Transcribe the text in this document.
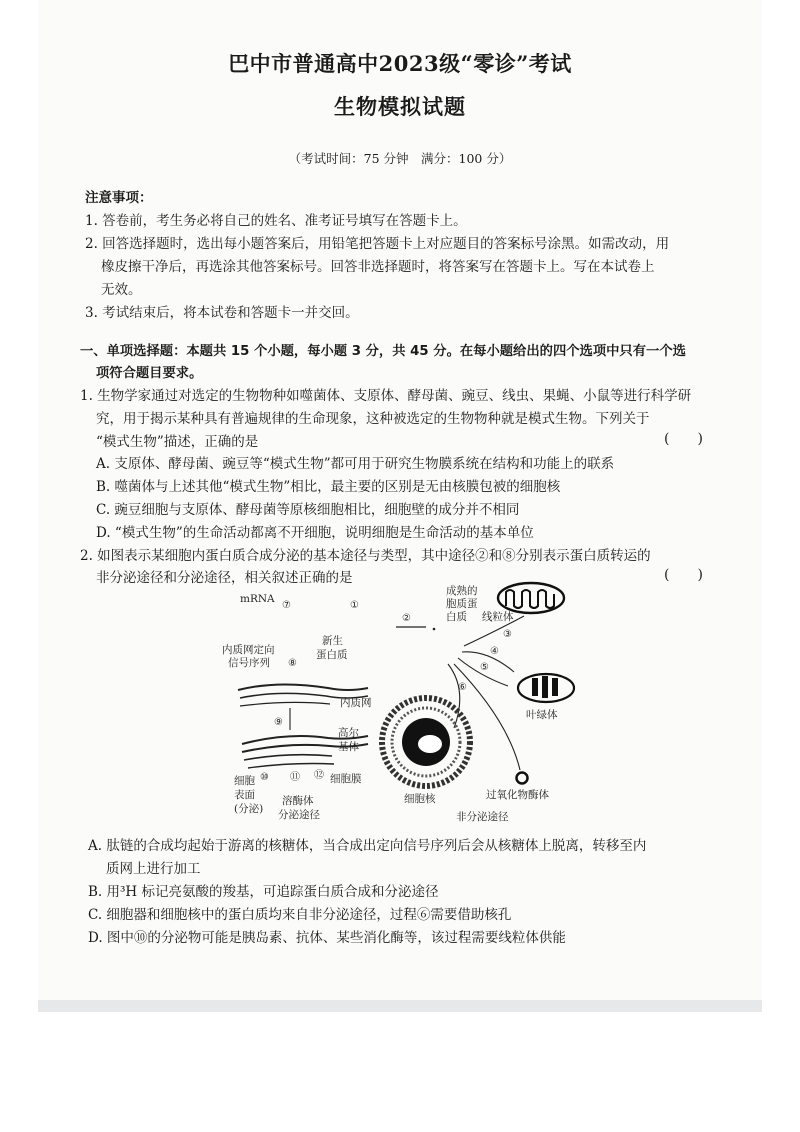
巴中市普通高中2023级“零诊”考试
生物模拟试题
（考试时间：75 分钟　满分：100 分）
注意事项：
1. 答卷前，考生务必将自己的姓名、准考证号填写在答题卡上。
2. 回答选择题时，选出每小题答案后，用铅笔把答题卡上对应题目的答案标号涂黑。如需改动，用
橡皮擦干净后，再选涂其他答案标号。回答非选择题时，将答案写在答题卡上。写在本试卷上
无效。
3. 考试结束后，将本试卷和答题卡一并交回。
一、单项选择题：本题共 15 个小题，每小题 3 分，共 45 分。在每小题给出的四个选项中只有一个选
项符合题目要求。
1. 生物学家通过对选定的生物物种如噬菌体、支原体、酵母菌、豌豆、线虫、果蝇、小鼠等进行科学研
究，用于揭示某种具有普遍规律的生命现象，这种被选定的生物物种就是模式生物。下列关于
“模式生物”描述，正确的是	(　　)
A. 支原体、酵母菌、豌豆等“模式生物”都可用于研究生物膜系统在结构和功能上的联系
B. 噬菌体与上述其他“模式生物”相比，最主要的区别是无由核膜包被的细胞核
C. 豌豆细胞与支原体、酵母菌等原核细胞相比，细胞壁的成分并不相同
D. “模式生物”的生命活动都离不开细胞，说明细胞是生命活动的基本单位
2. 如图表示某细胞内蛋白质合成分泌的基本途径与类型，其中途径②和⑧分别表示蛋白质转运的
非分泌途径和分泌途径，相关叙述正确的是	(　　)
mRNA
⑦	①
②
成熟的
胞质蛋
白质 线粒体
③
④
⑤
叶绿体
⑥
过氧化物酶体
细胞核
非分泌途径
新生
蛋白质
内质网定向
信号序列 ⑧
内质网
⑨
高尔
基体
⑩ ⑪ ⑫ 细胞膜
细胞
表面
(分泌)
溶酶体
分泌途径
A. 肽链的合成均起始于游离的核糖体，当合成出定向信号序列后会从核糖体上脱离，转移至内
质网上进行加工
B. 用³H 标记亮氨酸的羧基，可追踪蛋白质合成和分泌途径
C. 细胞器和细胞核中的蛋白质均来自非分泌途径，过程⑥需要借助核孔
D. 图中⑩的分泌物可能是胰岛素、抗体、某些消化酶等，该过程需要线粒体供能
